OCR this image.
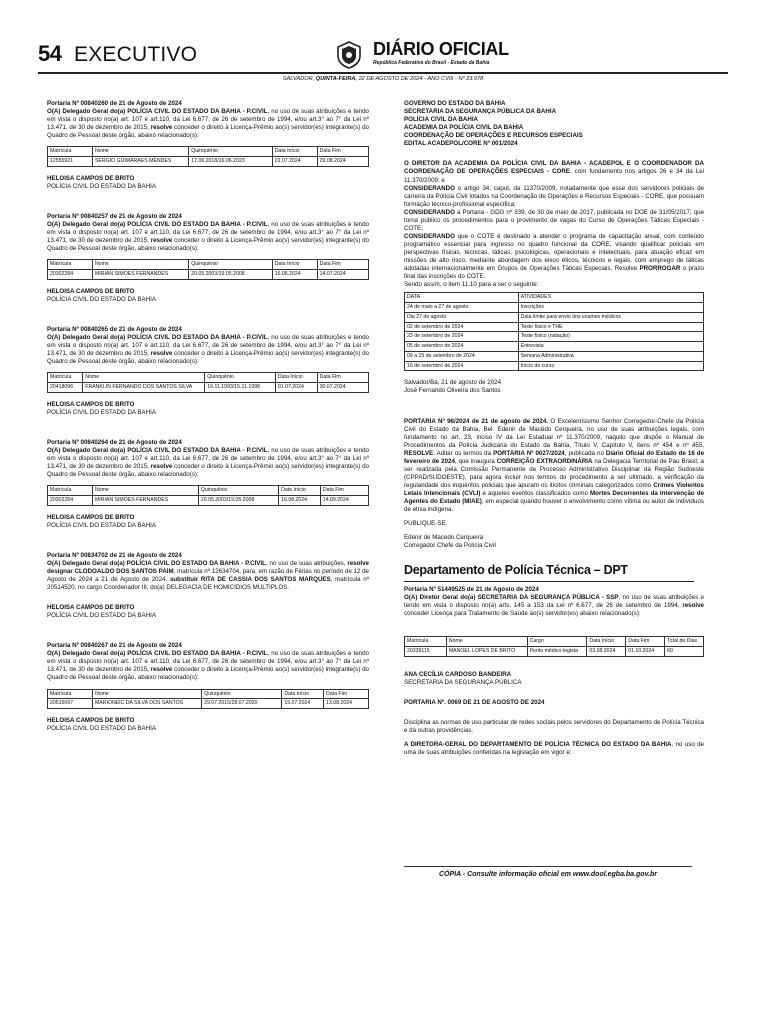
54 EXECUTIVO	DIÁRIO OFICIAL
República Federativa do Brasil - Estado da Bahia
SALVADOR, QUINTA-FEIRA, 22 DE AGOSTO DE 2024 - ANO CVIII - Nº 23.978
Portaria Nº 00840260 de 21 de Agosto de 2024

O(A) Delegado Geral do(a) POLÍCIA CIVIL DO ESTADO DA BAHIA - P.CIVIL, no uso de suas atribuições e tendo em vista o disposto no(a) art. 107 e art.110, da Lei 6.677, de 26 de setembro de 1994, e/ou art.3° ao 7° da Lei nº 13.471, de 30 de dezembro de 2015, resolve conceder o direito à Licença-Prêmio ao(s) servidor(es) integrante(s) do Quadro de Pessoal deste órgão, abaixo relacionado(s):

Matrícula	Nome	Quinquênio	Data Início	Data Fim
12555921	SERGIO GUIMARAES MENDES	17.06.2018/16.06.2023	01.07.2024	29.08.2024
HELOISA CAMPOS DE BRITO
POLÍCIA CIVIL DO ESTADO DA BAHIA
Portaria Nº 00840257 de 21 de Agosto de 2024

O(A) Delegado Geral do(a) POLÍCIA CIVIL DO ESTADO DA BAHIA - P.CIVIL, no uso de suas atribuições e tendo em vista o disposto no(a) art. 107 e art.110, da Lei 6.677, de 26 de setembro de 1994, e/ou art.3° ao 7° da Lei nº 13.471, de 30 de dezembro de 2015, resolve conceder o direito à Licença-Prêmio ao(s) servidor(es) integrante(s) do Quadro de Pessoal deste órgão, abaixo relacionado(s):

Matrícula	Nome	Quinquênio	Data Início	Data Fim
20302284	MIRIAN SIMOES FERNANDES	20.05.2003/19.05.2008	16.06.2024	14.07.2024
HELOISA CAMPOS DE BRITO
POLÍCIA CIVIL DO ESTADO DA BAHIA
Portaria Nº 00840265 de 21 de Agosto de 2024

O(A) Delegado Geral do(a) POLÍCIA CIVIL DO ESTADO DA BAHIA - P.CIVIL, no uso de suas atribuições e tendo em vista o disposto no(a) art. 107 e art.110, da Lei 6.677, de 26 de setembro de 1994, e/ou art.3° ao 7° da Lei nº 13.471, de 30 de dezembro de 2015, resolve conceder o direito à Licença-Prêmio ao(s) servidor(es) integrante(s) do Quadro de Pessoal deste órgão, abaixo relacionado(s):

Matrícula	Nome	Quinquênio	Data Início	Data Fim
20418096	FRANKLIN FERNANDO DOS SANTOS SILVA	16.11.1993/15.11.1998	01.07.2024	30.07.2024
HELOISA CAMPOS DE BRITO
POLÍCIA CIVIL DO ESTADO DA BAHIA
Portaria Nº 00840264 de 21 de Agosto de 2024

O(A) Delegado Geral do(a) POLÍCIA CIVIL DO ESTADO DA BAHIA - P.CIVIL, no uso de suas atribuições e tendo em vista o disposto no(a) art. 107 e art.110, da Lei 6.677, de 26 de setembro de 1994, e/ou art.3° ao 7° da Lei nº 13.471, de 30 de dezembro de 2015, resolve conceder o direito à Licença-Prêmio ao(s) servidor(es) integrante(s) do Quadro de Pessoal deste órgão, abaixo relacionado(s):

Matrícula	Nome	Quinquênio	Data Início	Data Fim
20302284	MIRIAN SIMOES FERNANDES	20.05.2003/19.05.2008	16.08.2024	14.09.2024
HELOISA CAMPOS DE BRITO
POLÍCIA CIVIL DO ESTADO DA BAHIA
Portaria Nº 00834702 de 21 de Agosto de 2024

O(A) Delegado Geral do(a) POLÍCIA CIVIL DO ESTADO DA BAHIA - P.CIVIL, no uso de suas atribuições, resolve designar CLODOALDO DOS SANTOS PAIM, matrícula nº 12634704, para, em razão de Férias no período de 12 de Agosto de 2024 a 21 de Agosto de 2024, substituir RITA DE CASSIA DOS SANTOS MARQUES, matrícula nº 20514520, no cargo Coordenador III, do(a) DELEGACIA DE HOMICIDIOS MULTIPLOS.

HELOISA CAMPOS DE BRITO
POLÍCIA CIVIL DO ESTADO DA BAHIA
Portaria Nº 00840267 de 21 de Agosto de 2024

O(A) Delegado Geral do(a) POLÍCIA CIVIL DO ESTADO DA BAHIA - P.CIVIL, no uso de suas atribuições e tendo em vista o disposto no(a) art. 107 e art.110, da Lei 6.677, de 26 de setembro de 1994, e/ou art.3° ao 7° da Lei nº 13.471, de 30 de dezembro de 2015, resolve conceder o direito à Licença-Prêmio ao(s) servidor(es) integrante(s) do Quadro de Pessoal deste órgão, abaixo relacionado(s):

Matrícula	Nome	Quinquênio	Data Início	Data Fim
20515097	MARIONEIC DA SILVA DOS SANTOS	29.07.2015/28.07.2020	15.07.2024	13.08.2024
HELOISA CAMPOS DE BRITO
POLÍCIA CIVIL DO ESTADO DA BAHIA
GOVERNO DO ESTADO DA BAHIA
SECRETARIA DA SEGURANÇA PÚBLICA DA BAHIA
POLÍCIA CIVIL DA BAHIA
ACADEMIA DA POLÍCIA CIVIL DA BAHIA
COORDENAÇÃO DE OPERAÇÕES E RECURSOS ESPECIAIS
EDITAL ACADEPOL/CORE Nº 001/2024

O DIRETOR DA ACADEMIA DA POLÍCIA CIVIL DA BAHIA - ACADEPOL E O COORDENADOR DA COORDENAÇÃO DE OPERAÇÕES ESPECIAIS - CORE, com fundamento nos artigos 26 e 34 da Lei 11.370/2009; e

CONSIDERANDO o artigo 34, caput, da 11370/2009, notadamente que esse dos servidores policiais de carreira da Polícia Civil lotados na Coordenação de Operações e Recursos Especiais - CORE, que possuam formação técnico-profissional específica;

CONSIDERANDO a Portaria - GDG nº 339, de 30 de maio de 2017, publicada no DOE de 31/05/2017, que torna público os procedimentos para o provimento de vagas do Curso de Operações Táticas Especiais - COTE;

CONSIDERANDO que o COTE é destinado a atender o programa de capacitação anual, com conteúdo programático essencial para ingresso no quadro funcional da CORE, visando qualificar policiais em perspectivas físicas, técnicas, táticas, psicológicas, operacionais e intelectuais, para atuação eficaz em missões de alto risco, mediante abordagem dos eixos éticos, técnicos e legais, com emprego de táticas adotadas internacionalmente em Grupos de Operações Táticas Especiais. Resolve PRORROGAR o prazo final das inscrições do COTE.

Sendo assim, o item 11.10 para a ser o seguinte:

DATA	ATIVIDADES
24 de maio a 27 de agosto	Inscrições
Dia 27 de agosto	Data limite para envio dos exames médicos
02 de setembro de 2024	Teste físico e THE
23 de setembro de 2024	Teste físico (natação)
05 de setembro de 2024	Entrevista
09 a 15 de setembro de 2024	Semana Administrativa
16 de setembro de 2024	Início do curso
Salvador/Ba, 21 de agosto de 2024
José Fernando Oliveira dos Santos

PORTARIA Nº 96/2024 de 21 de agosto de 2024. O Excelentíssimo Senhor Corregedor-Chefe da Polícia Civil do Estado da Bahia, Bel. Edenir de Macêdo Cerqueira, no uso de suas atribuições legais, com fundamento no art. 23, inciso IV da Lei Estadual nº 11.370/2009, naquilo que dispõe o Manual de Procedimentos da Polícia Judiciária do Estado da Bahia, Título V, Capítulo V, itens nº 454 e nº 455, RESOLVE: Aditar os termos da PORTARIA Nº 0027/2024, publicada no Diário Oficial do Estado de 16 de fevereiro de 2024, que inaugura CORREIÇÃO EXTRAORDINÁRIA na Delegacia Territorial de Pau Brasil, a ser realizada pela Comissão Permanente de Processo Administrativo Disciplinar da Região Sudoeste (CPPAD/SUDOESTE), para agora incluir nos termos do procedimento a ser ultimado, a verificação da regularidade dos inquéritos policiais que apuram os ilícitos criminais categorizados como Crimes Violentos Letais Intencionais (CVLI) e aqueles eventos classificados como Mortes Decorrentes da Intervenção de Agentes do Estado (MIAE), em especial quando houver o envolvimento como vítima ou autor de indivíduos de etnia indígena.

PUBLIQUE-SE.
Edenir de Macedo Cerqueira
Corregador Chefe da Polícia Civil
Departamento de Polícia Técnica – DPT
Portaria Nº 51449525 de 21 de Agosto de 2024

O(A) Diretor Geral do(a) SECRETARIA DA SEGURANÇA PÚBLICA - SSP, no uso de suas atribuições e tendo em vista o disposto no(a) arts. 145 a 153 da Lei nº 6.677, de 26 de setembro de 1994, resolve conceder Licença para Tratamento de Saúde ao(s) servidor(es) abaixo relacionado(s):

Matrícula	Nome	Cargo	Data Início	Data Fim	Total de Dias
20339115	MANOEL LOPES DE BRITO	Perito médico-legista	03.08.2024	01.10.2024	60
ANA CECÍLIA CARDOSO BANDEIRA
SECRETARIA DA SEGURANÇA PÚBLICA
PORTARIA Nº. 0069 DE 21 DE AGOSTO DE 2024

Disciplina as normas de uso particular de redes sociais pelos servidores do Departamento de Polícia Técnica e dá outras providências.

A DIRETORA-GERAL DO DEPARTAMENTO DE POLÍCIA TÉCNICA DO ESTADO DA BAHIA, no uso de uma de suas atribuições conferidas na legislação em vigor e:

CÓPIA - Consulte informação oficial em www.dool.egba.ba.gov.br
